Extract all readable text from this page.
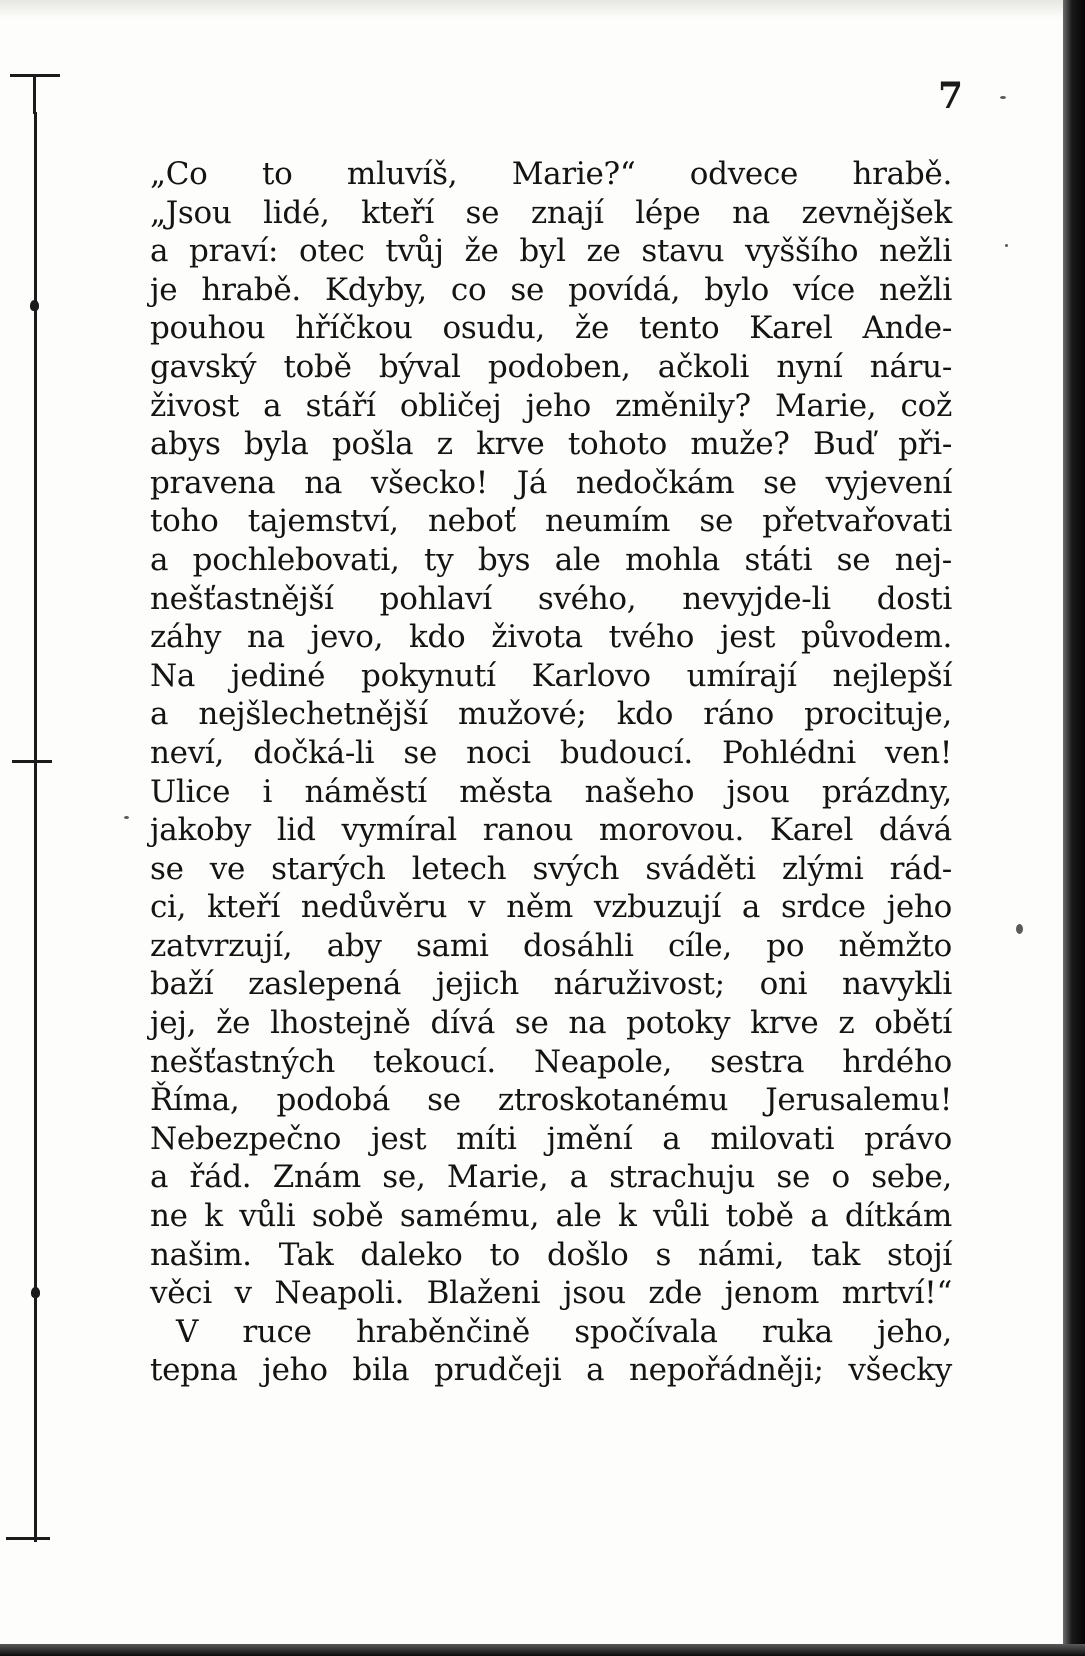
7
„Co to mluvíš, Marie?“ odvece hrabě.
„Jsou lidé, kteří se znají lépe na zevnějšek
a praví: otec tvůj že byl ze stavu vyššího nežli
je hrabě. Kdyby, co se povídá, bylo více nežli
pouhou hříčkou osudu, že tento Karel Ande-
gavský tobě býval podoben, ačkoli nyní náru-
živost a stáří obličej jeho změnily? Marie, což
abys byla pošla z krve tohoto muže? Buď při-
pravena na všecko! Já nedočkám se vyjevení
toho tajemství, neboť neumím se přetvařovati
a pochlebovati, ty bys ale mohla státi se nej-
nešťastnější pohlaví svého, nevyjde-li dosti
záhy na jevo, kdo života tvého jest původem.
Na jediné pokynutí Karlovo umírají nejlepší
a nejšlechetnější mužové; kdo ráno procituje,
neví, dočká-li se noci budoucí. Pohlédni ven!
Ulice i náměstí města našeho jsou prázdny,
jakoby lid vymíral ranou morovou. Karel dává
se ve starých letech svých sváděti zlými rád-
ci, kteří nedůvěru v něm vzbuzují a srdce jeho
zatvrzují, aby sami dosáhli cíle, po němžto
baží zaslepená jejich náruživost; oni navykli
jej, že lhostejně dívá se na potoky krve z obětí
nešťastných tekoucí. Neapole, sestra hrdého
Říma, podobá se ztroskotanému Jerusalemu!
Nebezpečno jest míti jmění a milovati právo
a řád. Znám se, Marie, a strachuju se o sebe,
ne k vůli sobě samému, ale k vůli tobě a dítkám
našim. Tak daleko to došlo s námi, tak stojí
věci v Neapoli. Blaženi jsou zde jenom mrtví!“
V ruce hraběnčině spočívala ruka jeho,
tepna jeho bila prudčeji a nepořádněji; všecky
